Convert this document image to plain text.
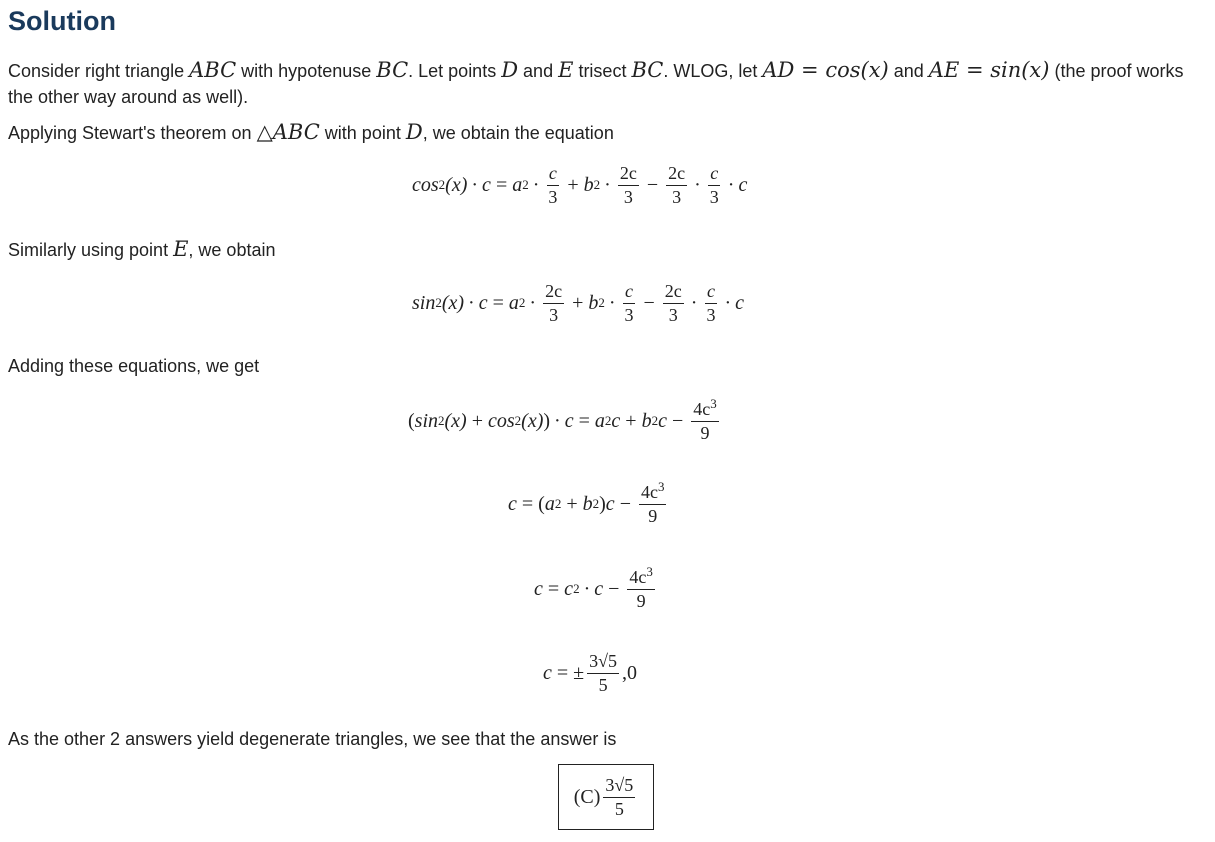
Solution

Consider right triangle ABC with hypotenuse BC. Let points D and E trisect BC. WLOG, let AD = cos(x) and AE = sin(x) (the proof works the other way around as well).

Applying Stewart's theorem on △ABC with point D, we obtain the equation

cos 2 (x) · c = a $2 \cdot \frac{c}{3} + b$ $2 \cdot \frac{2c}{3} - \frac{2c}{3} \cdot \frac{c}{3} \cdot c$

Similarly using point E, we obtain

sin 2 (x) · c = a $2 \cdot \frac{2c}{3} + b$ $2 \cdot \frac{c}{3} - \frac{2c}{3} \cdot \frac{c}{3} \cdot c$

Adding these equations, we get

( sin 2 (x) + cos 2 (x) ) · c = a 2 c + b 2 $c - \frac{4c^3}{9}$
c = ( a 2 + b 2 ) $c - \frac{4c^3}{9}$
c = c $2 \cdot c - \frac{4c^3}{9}$
c = ± $\frac{3√5}{5}$ , 0

As the other 2 answers yield degenerate triangles, we see that the answer is

$(C) \frac{3√5}{5}$
